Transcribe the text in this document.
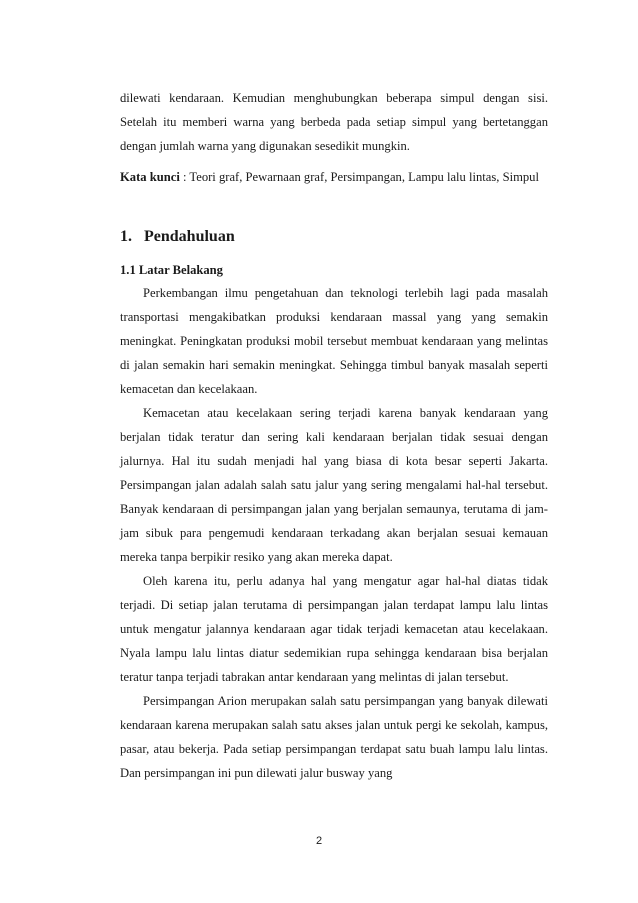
dilewati kendaraan. Kemudian menghubungkan beberapa simpul dengan sisi. Setelah itu memberi warna yang berbeda pada setiap simpul yang bertetanggan dengan jumlah warna yang digunakan sesedikit mungkin.

Kata kunci : Teori graf, Pewarnaan graf, Persimpangan, Lampu lalu lintas, Simpul

1. Pendahuluan
1.1 Latar Belakang

Perkembangan ilmu pengetahuan dan teknologi terlebih lagi pada masalah transportasi mengakibatkan produksi kendaraan massal yang yang semakin meningkat. Peningkatan produksi mobil tersebut membuat kendaraan yang melintas di jalan semakin hari semakin meningkat. Sehingga timbul banyak masalah seperti kemacetan dan kecelakaan.

Kemacetan atau kecelakaan sering terjadi karena banyak kendaraan yang berjalan tidak teratur dan sering kali kendaraan berjalan tidak sesuai dengan jalurnya. Hal itu sudah menjadi hal yang biasa di kota besar seperti Jakarta. Persimpangan jalan adalah salah satu jalur yang sering mengalami hal-hal tersebut. Banyak kendaraan di persimpangan jalan yang berjalan semaunya, terutama di jam-jam sibuk para pengemudi kendaraan terkadang akan berjalan sesuai kemauan mereka tanpa berpikir resiko yang akan mereka dapat.

Oleh karena itu, perlu adanya hal yang mengatur agar hal-hal diatas tidak terjadi. Di setiap jalan terutama di persimpangan jalan terdapat lampu lalu lintas untuk mengatur jalannya kendaraan agar tidak terjadi kemacetan atau kecelakaan. Nyala lampu lalu lintas diatur sedemikian rupa sehingga kendaraan bisa berjalan teratur tanpa terjadi tabrakan antar kendaraan yang melintas di jalan tersebut.

Persimpangan Arion merupakan salah satu persimpangan yang banyak dilewati kendaraan karena merupakan salah satu akses jalan untuk pergi ke sekolah, kampus, pasar, atau bekerja. Pada setiap persimpangan terdapat satu buah lampu lalu lintas. Dan persimpangan ini pun dilewati jalur busway yang

2
